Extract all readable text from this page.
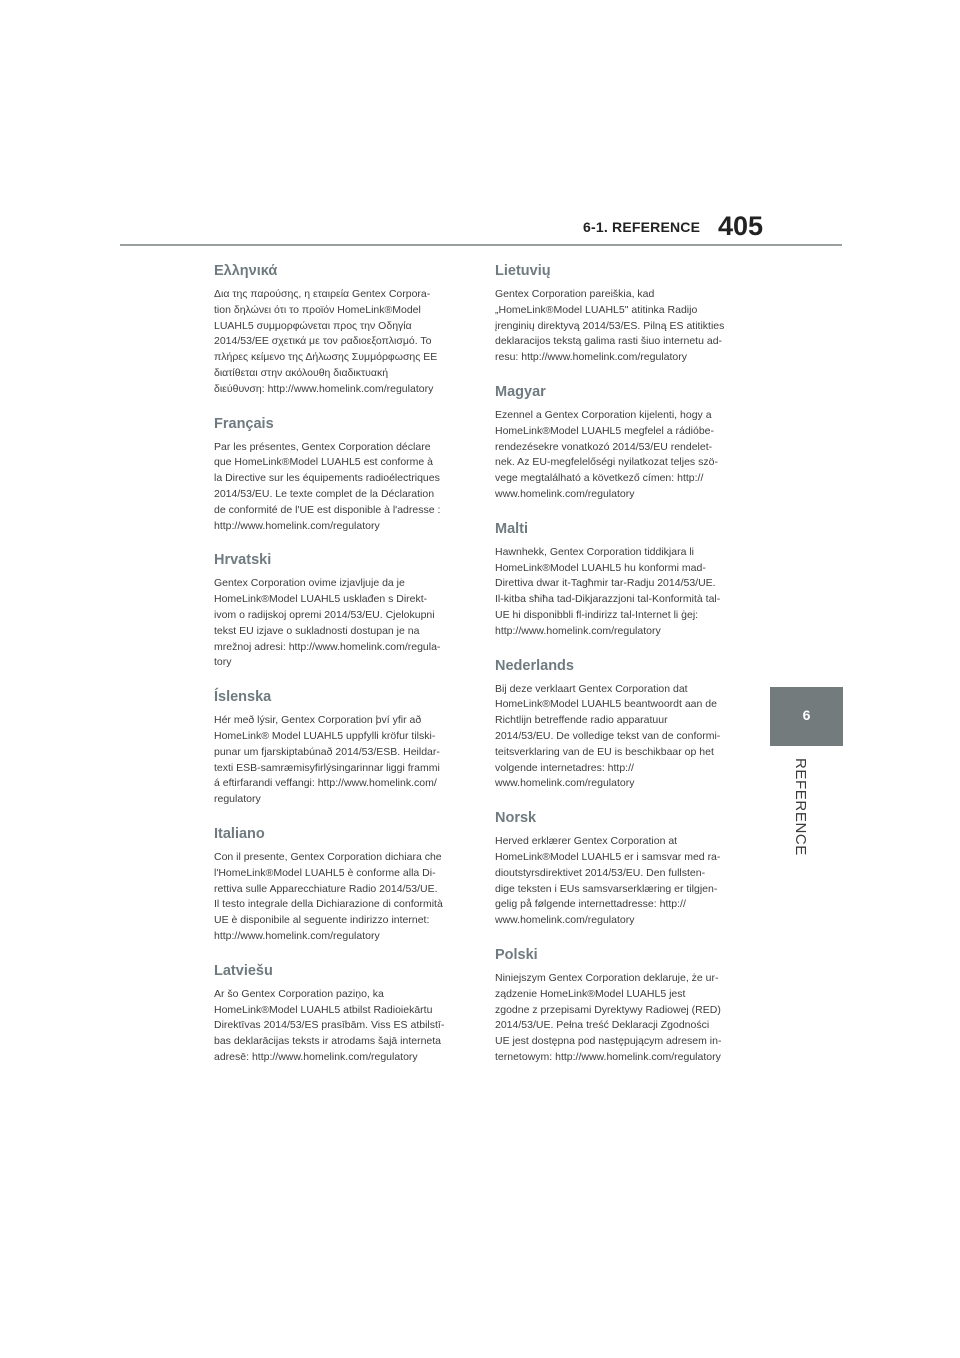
6-1. REFERENCE 405
6
REFERENCE
Ελληνικά

Δια της παρούσης, η εταιρεία Gentex Corpora-
tion δηλώνει ότι το προϊόν HomeLink®Model
LUAHL5 συμμορφώνεται προς την Οδηγία
2014/53/ΕΕ σχετικά με τον ραδιοεξοπλισμό. Το
πλήρες κείμενο της Δήλωσης Συμμόρφωσης ΕΕ
διατίθεται στην ακόλουθη διαδικτυακή
διεύθυνση: http://www.homelink.com/regulatory

Français

Par les présentes, Gentex Corporation déclare
que HomeLink®Model LUAHL5 est conforme à
la Directive sur les équipements radioélectriques
2014/53/EU. Le texte complet de la Déclaration
de conformité de l'UE est disponible à l'adresse :
http://www.homelink.com/regulatory

Hrvatski

Gentex Corporation ovime izjavljuje da je
HomeLink®Model LUAHL5 usklađen s Direkt-
ivom o radijskoj opremi 2014/53/EU. Cjelokupni
tekst EU izjave o sukladnosti dostupan je na
mrežnoj adresi: http://www.homelink.com/regula-
tory

Íslenska

Hér með lýsir, Gentex Corporation því yfir að
HomeLink® Model LUAHL5 uppfylli kröfur tilski-
punar um fjarskiptabúnað 2014/53/ESB. Heildar-
texti ESB-samræmisyfirlýsingarinnar liggi frammi
á eftirfarandi veffangi: http://www.homelink.com/
regulatory

Italiano

Con il presente, Gentex Corporation dichiara che
l'HomeLink®Model LUAHL5 è conforme alla Di-
rettiva sulle Apparecchiature Radio 2014/53/UE.
Il testo integrale della Dichiarazione di conformità
UE è disponibile al seguente indirizzo internet:
http://www.homelink.com/regulatory

Latviešu

Ar šo Gentex Corporation paziņo, ka
HomeLink®Model LUAHL5 atbilst Radioiekārtu
Direktīvas 2014/53/ES prasībām. Viss ES atbilstī-
bas deklarācijas teksts ir atrodams šajā interneta
adresē: http://www.homelink.com/regulatory

Lietuvių

Gentex Corporation pareiškia, kad
„HomeLink®Model LUAHL5" atitinka Radijo
įrenginių direktyvą 2014/53/ES. Pilną ES atitikties
deklaracijos tekstą galima rasti šiuo internetu ad-
resu: http://www.homelink.com/regulatory

Magyar

Ezennel a Gentex Corporation kijelenti, hogy a
HomeLink®Model LUAHL5 megfelel a rádióbe-
rendezésekre vonatkozó 2014/53/EU rendelet-
nek. Az EU-megfelelőségi nyilatkozat teljes szö-
vege megtalálható a következő címen: http://
www.homelink.com/regulatory

Malti

Hawnhekk, Gentex Corporation tiddikjara li
HomeLink®Model LUAHL5 hu konformi mad-
Direttiva dwar it-Tagħmir tar-Radju 2014/53/UE.
Il-kitba sħiħa tad-Dikjarazzjoni tal-Konformità tal-
UE hi disponibbli fl-indirizz tal-Internet li ġej:
http://www.homelink.com/regulatory

Nederlands

Bij deze verklaart Gentex Corporation dat
HomeLink®Model LUAHL5 beantwoordt aan de
Richtlijn betreffende radio apparatuur
2014/53/EU. De volledige tekst van de conformi-
teitsverklaring van de EU is beschikbaar op het
volgende internetadres: http://
www.homelink.com/regulatory

Norsk

Herved erklærer Gentex Corporation at
HomeLink®Model LUAHL5 er i samsvar med ra-
dioutstyrsdirektivet 2014/53/EU. Den fullsten-
dige teksten i EUs samsvarserklæring er tilgjen-
gelig på følgende internettadresse: http://
www.homelink.com/regulatory

Polski

Niniejszym Gentex Corporation deklaruje, że ur-
ządzenie HomeLink®Model LUAHL5 jest
zgodne z przepisami Dyrektywy Radiowej (RED)
2014/53/UE. Pełna treść Deklaracji Zgodności
UE jest dostępna pod następującym adresem in-
ternetowym: http://www.homelink.com/regulatory
